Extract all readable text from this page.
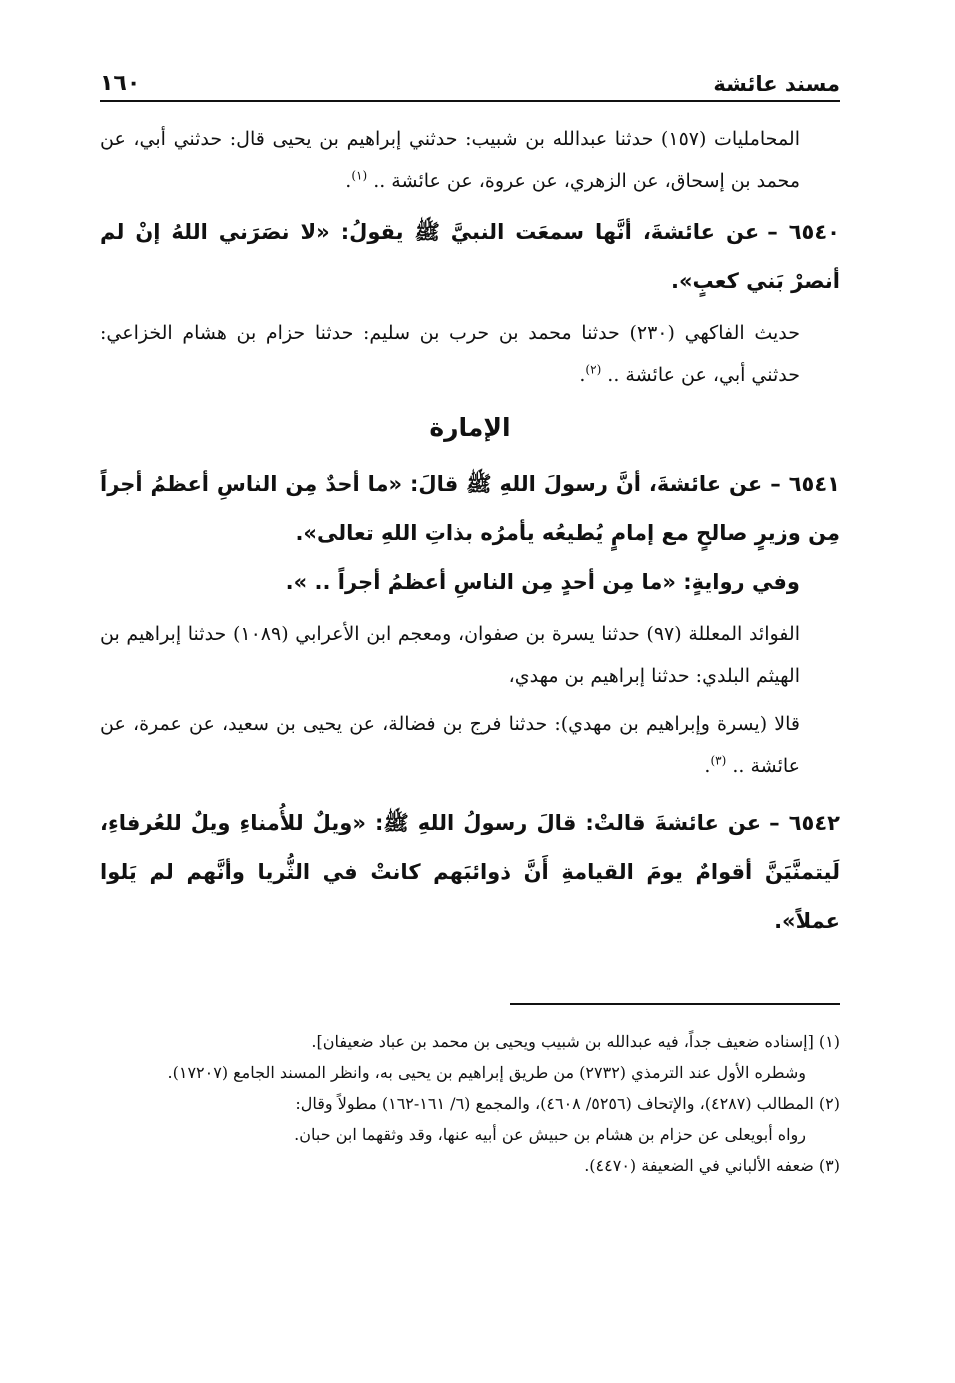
مسند عائشة
١٦٠

المحامليات (١٥٧) حدثنا عبدالله بن شبيب: حدثني إبراهيم بن يحيى قال: حدثني أبي، عن محمد بن إسحاق، عن الزهري، عن عروة، عن عائشة .. $^{(١)}$.

٦٥٤٠ –عن عائشةَ، أنَّها سمعَت النبيَّ ﷺ يقولُ: «لا نصَرَني اللهُ إنْ لم أنصرْ بَني كعبٍ».

حديث الفاكهي (٢٣٠) حدثنا محمد بن حرب بن سليم: حدثنا حزام بن هشام الخزاعي: حدثني أبي، عن عائشة .. $^{(٢)}$.

الإمارة

٦٥٤١ –عن عائشةَ، أنَّ رسولَ اللهِ ﷺ قالَ: «ما أحدٌ مِن الناسِ أعظمُ أجراً مِن وزيرٍ صالحٍ مع إمامٍ يُطيعُه يأمرُه بذاتِ اللهِ تعالى».

وفي روايةٍ: «ما مِن أحدٍ مِن الناسِ أعظمُ أجراً .. ».

الفوائد المعللة (٩٧) حدثنا يسرة بن صفوان، ومعجم ابن الأعرابي (١٠٨٩) حدثنا إبراهيم بن الهيثم البلدي: حدثنا إبراهيم بن مهدي،

قالا (يسرة وإبراهيم بن مهدي): حدثنا فرج بن فضالة، عن يحيى بن سعيد، عن عمرة، عن عائشة .. $^{(٣)}$.

٦٥٤٢ –عن عائشةَ قالتْ: قالَ رسولُ اللهِ ﷺ: «ويلٌ للأُمناءِ ويلٌ للعُرفاءِ، لَيتمنَّيَنَّ أقوامٌ يومَ القيامةِ أَنَّ ذوائبَهم كانتْ في الثُّريا وأنَّهم لم يَلوا عملاً».

(١) [إسناده ضعيف جداً، فيه عبدالله بن شبيب ويحيى بن محمد بن عباد ضعيفان].

وشطره الأول عند الترمذي (٢٧٣٢) من طريق إبراهيم بن يحيى به، وانظر المسند الجامع (١٧٢٠٧).

(٢) المطالب (٤٢٨٧)، والإتحاف (٥٢٥٦/ ٤٦٠٨)، والمجمع (٦/ ١٦١-١٦٢) مطولاً وقال:

رواه أبويعلى عن حزام بن هشام بن حبيش عن أبيه عنها، وقد وثقهما ابن حبان.

(٣) ضعفه الألباني في الضعيفة (٤٤٧٠).
